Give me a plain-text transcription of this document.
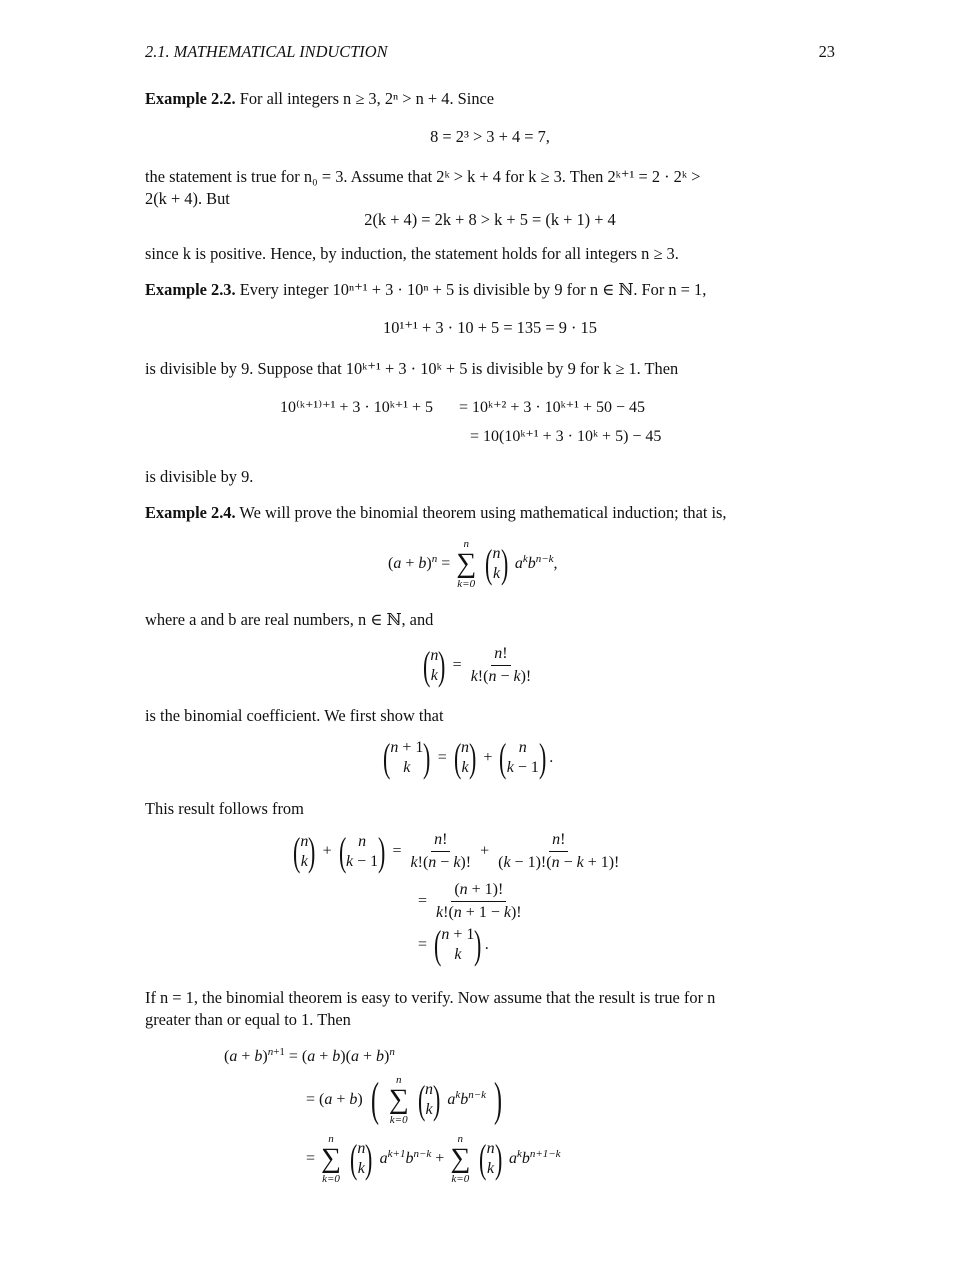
2.1. MATHEMATICAL INDUCTION	23
Example 2.2. For all integers n ≥ 3, 2ⁿ > n + 4. Since
8 = 2³ > 3 + 4 = 7,
the statement is true for n₀ = 3. Assume that 2ᵏ > k + 4 for k ≥ 3. Then 2ᵏ⁺¹ = 2 · 2ᵏ >
2(k + 4). But
2(k + 4) = 2k + 8 > k + 5 = (k + 1) + 4
since k is positive. Hence, by induction, the statement holds for all integers n ≥ 3.
Example 2.3. Every integer 10ⁿ⁺¹ + 3 · 10ⁿ + 5 is divisible by 9 for n ∈ ℕ. For n = 1,
10¹⁺¹ + 3 · 10 + 5 = 135 = 9 · 15
is divisible by 9. Suppose that 10ᵏ⁺¹ + 3 · 10ᵏ + 5 is divisible by 9 for k ≥ 1. Then
10⁽ᵏ⁺¹⁾⁺¹ + 3 · 10ᵏ⁺¹ + 5 = 10ᵏ⁺² + 3 · 10ᵏ⁺¹ + 50 − 45
= 10(10ᵏ⁺¹ + 3 · 10ᵏ + 5) − 45
is divisible by 9.
Example 2.4. We will prove the binomial theorem using mathematical induction; that is,
$(a + b)^n$ =
n
∑
k=0
( n
k ) $a^kb^{n-k}$,
where a and b are real numbers, n ∈ ℕ, and
( n
k ) = $\frac{n!}{k!(n - k)!}$
is the binomial coefficient. We first show that
( n + 1
k ) = ( n
k ) + ( n
k − 1 ) .
This result follows from
( n
k ) + ( n
k − 1 ) = $\frac{n!}{k!(n - k)!} + \frac{n!}{(k - 1)!(n - k + 1)!}$
= $\frac{(n + 1)!}{k!(n + 1 - k)!}$
= ( n + 1
k ) .
If n = 1, the binomial theorem is easy to verify. Now assume that the result is true for n
greater than or equal to 1. Then
$(a + b)^{n+1} = (a + b)(a + b)^n$
= (a + b) ( n
∑
k=0
( n
k ) $a^kb^{n-k}$ )
=
n
∑
k=0
( n
k ) $a^{k+1}b^{n-k}$ +
n
∑
k=0
( n
k ) $a^kb^{n+1-k}$
